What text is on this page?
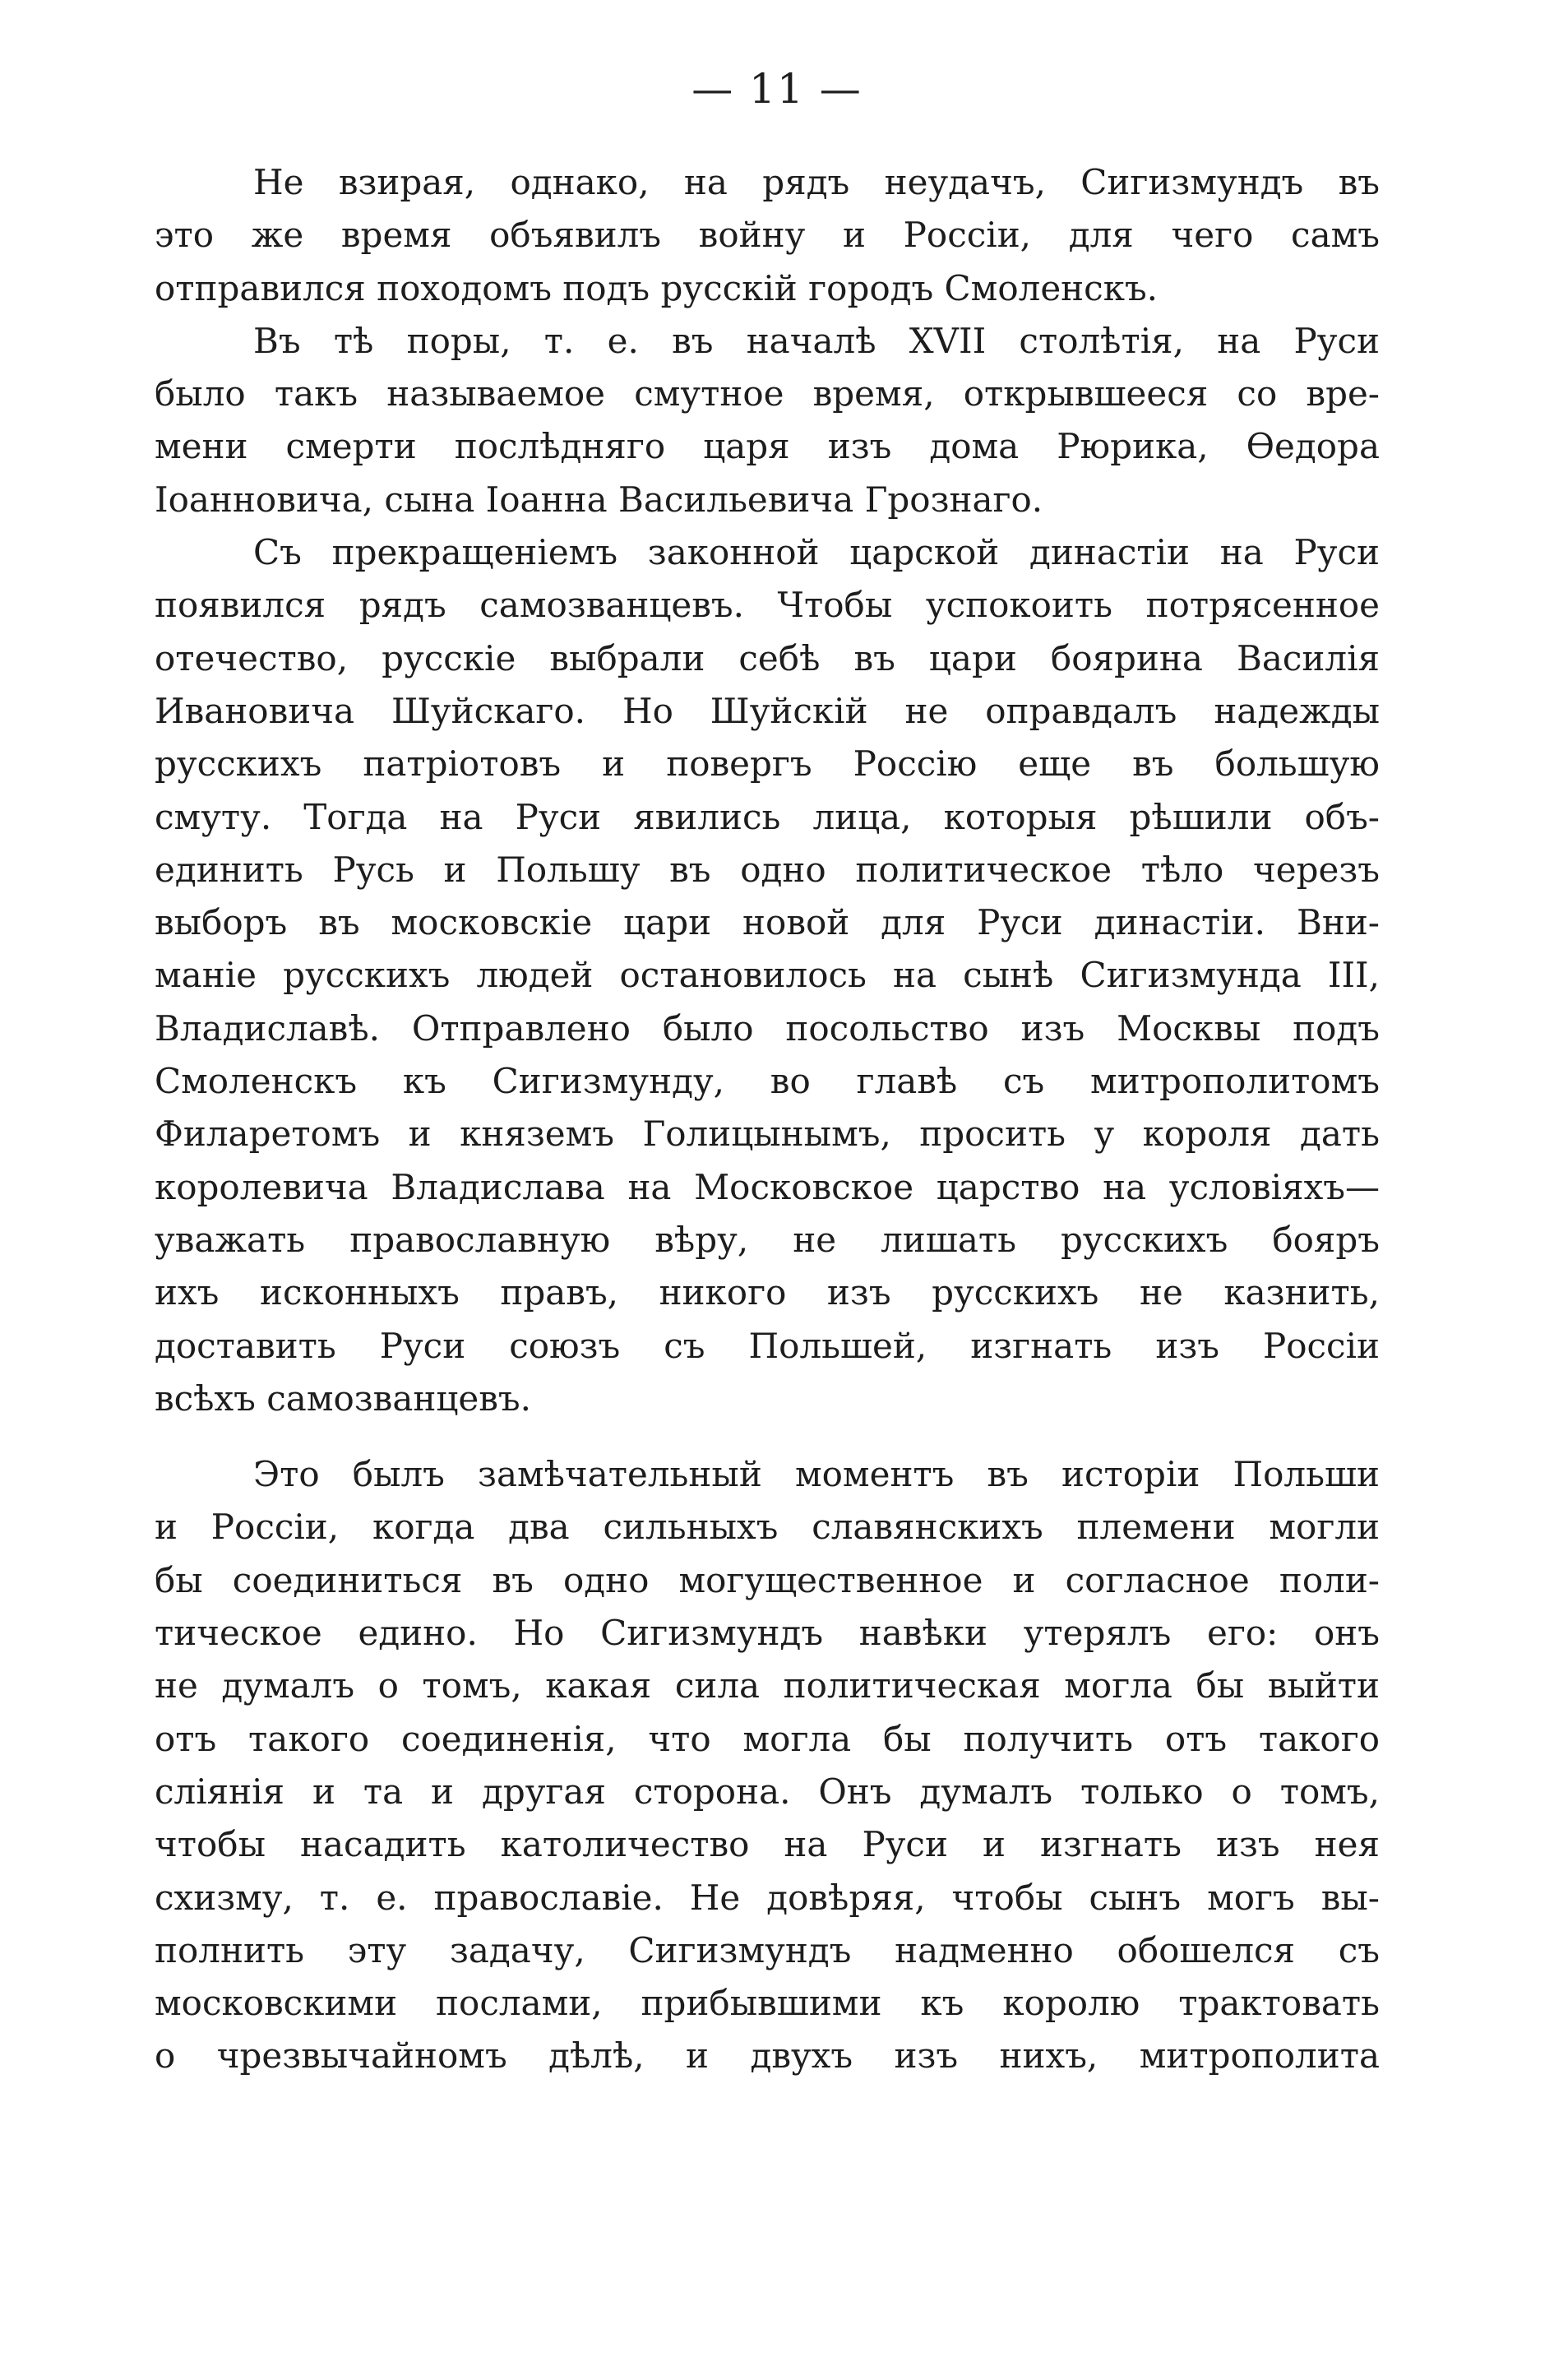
— 11 —
Не взирая, однако, на рядъ неудачъ, Сигизмундъ въ
это же время объявилъ войну и Россіи, для чего самъ
отправился походомъ подъ русскій городъ Смоленскъ.
Въ тѣ поры, т. е. въ началѣ XVII столѣтія, на Руси
было такъ называемое смутное время, открывшееся со вре-
мени смерти послѣдняго царя изъ дома Рюрика, Өедора
Іоанновича, сына Іоанна Васильевича Грознаго.
Съ прекращеніемъ законной царской династіи на Руси
появился рядъ самозванцевъ. Чтобы успокоить потрясенное
отечество, русскіе выбрали себѣ въ цари боярина Василія
Ивановича Шуйскаго. Но Шуйскій не оправдалъ надежды
русскихъ патріотовъ и повергъ Россію еще въ большую
смуту. Тогда на Руси явились лица, которыя рѣшили объ-
единить Русь и Польшу въ одно политическое тѣло черезъ
выборъ въ московскіе цари новой для Руси династіи. Вни-
маніе русскихъ людей остановилось на сынѣ Сигизмунда III,
Владиславѣ. Отправлено было посольство изъ Москвы подъ
Смоленскъ къ Сигизмунду, во главѣ съ митрополитомъ
Филаретомъ и княземъ Голицынымъ, просить у короля дать
королевича Владислава на Московское царство на условіяхъ—
уважать православную вѣру, не лишать русскихъ бояръ
ихъ исконныхъ правъ, никого изъ русскихъ не казнить,
доставить Руси союзъ съ Польшей, изгнать изъ Россіи
всѣхъ самозванцевъ.
Это былъ замѣчательный моментъ въ исторіи Польши
и Россіи, когда два сильныхъ славянскихъ племени могли
бы соединиться въ одно могущественное и согласное поли-
тическое едино. Но Сигизмундъ навѣки утерялъ его: онъ
не думалъ о томъ, какая сила политическая могла бы выйти
отъ такого соединенія, что могла бы получить отъ такого
сліянія и та и другая сторона. Онъ думалъ только о томъ,
чтобы насадить католичество на Руси и изгнать изъ нея
схизму, т. е. православіе. Не довѣряя, чтобы сынъ могъ вы-
полнить эту задачу, Сигизмундъ надменно обошелся съ
московскими послами, прибывшими къ королю трактовать
о чрезвычайномъ дѣлѣ, и двухъ изъ нихъ, митрополита
